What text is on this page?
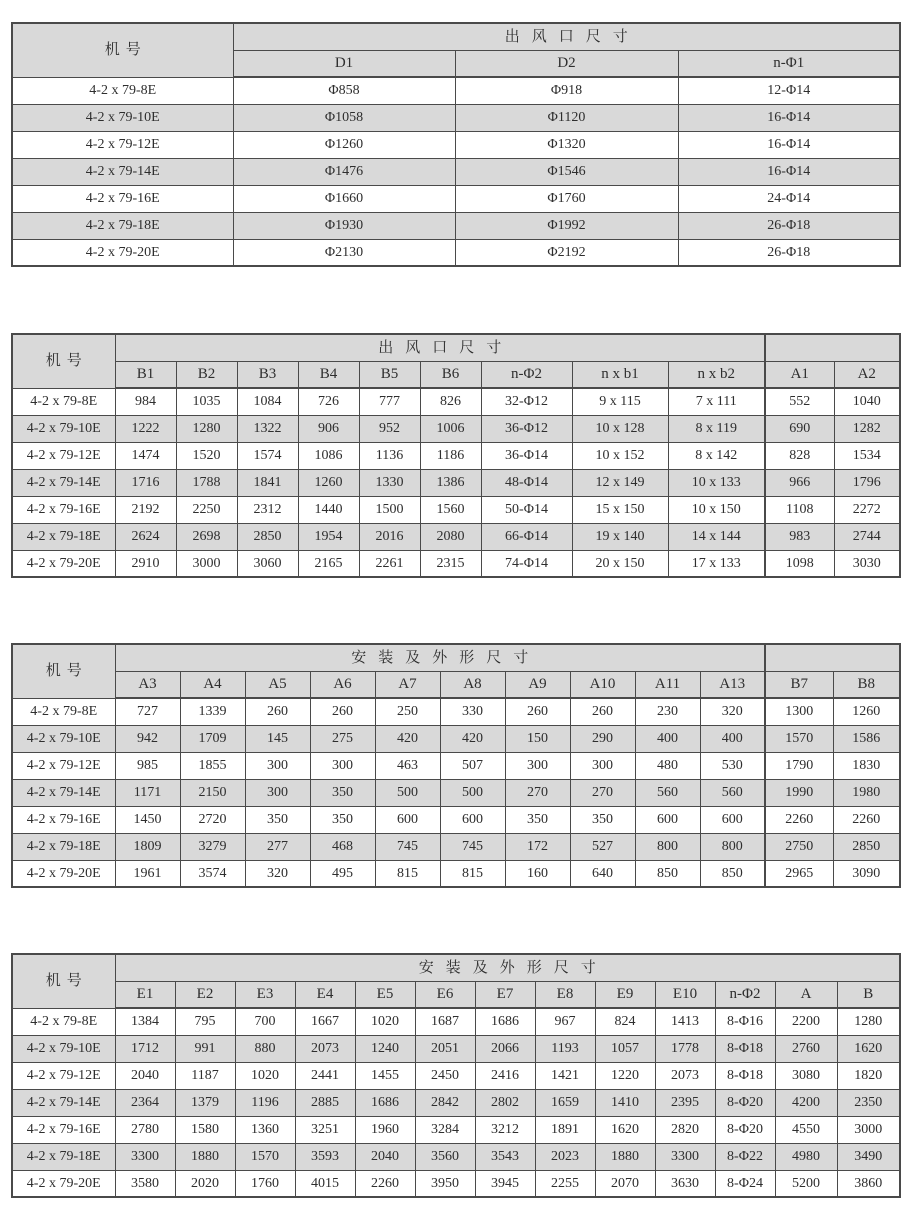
机号	出风口尺寸		
	D1	D2	n-Φ1
4-2 x 79-8E	Φ858	Φ918	12-Φ14
4-2 x 79-10E	Φ1058	Φ1120	16-Φ14
4-2 x 79-12E	Φ1260	Φ1320	16-Φ14
4-2 x 79-14E	Φ1476	Φ1546	16-Φ14
4-2 x 79-16E	Φ1660	Φ1760	24-Φ14
4-2 x 79-18E	Φ1930	Φ1992	26-Φ18
4-2 x 79-20E	Φ2130	Φ2192	26-Φ18
机号	出风口尺寸										
	B1	B2	B3	B4	B5	B6	n-Φ2	n x b1	n x b2	A1	A2
4-2 x 79-8E	984	1035	1084	726	777	826	32-Φ12	9 x 115	7 x 111	552	1040
4-2 x 79-10E	1222	1280	1322	906	952	1006	36-Φ12	10 x 128	8 x 119	690	1282
4-2 x 79-12E	1474	1520	1574	1086	1136	1186	36-Φ14	10 x 152	8 x 142	828	1534
4-2 x 79-14E	1716	1788	1841	1260	1330	1386	48-Φ14	12 x 149	10 x 133	966	1796
4-2 x 79-16E	2192	2250	2312	1440	1500	1560	50-Φ14	15 x 150	10 x 150	1108	2272
4-2 x 79-18E	2624	2698	2850	1954	2016	2080	66-Φ14	19 x 140	14 x 144	983	2744
4-2 x 79-20E	2910	3000	3060	2165	2261	2315	74-Φ14	20 x 150	17 x 133	1098	3030
机号	安装及外形尺寸											
	A3	A4	A5	A6	A7	A8	A9	A10	A11	A13	B7	B8
4-2 x 79-8E	727	1339	260	260	250	330	260	260	230	320	1300	1260
4-2 x 79-10E	942	1709	145	275	420	420	150	290	400	400	1570	1586
4-2 x 79-12E	985	1855	300	300	463	507	300	300	480	530	1790	1830
4-2 x 79-14E	1171	2150	300	350	500	500	270	270	560	560	1990	1980
4-2 x 79-16E	1450	2720	350	350	600	600	350	350	600	600	2260	2260
4-2 x 79-18E	1809	3279	277	468	745	745	172	527	800	800	2750	2850
4-2 x 79-20E	1961	3574	320	495	815	815	160	640	850	850	2965	3090
机号	安装及外形尺寸												
	E1	E2	E3	E4	E5	E6	E7	E8	E9	E10	n-Φ2	A	B
4-2 x 79-8E	1384	795	700	1667	1020	1687	1686	967	824	1413	8-Φ16	2200	1280
4-2 x 79-10E	1712	991	880	2073	1240	2051	2066	1193	1057	1778	8-Φ18	2760	1620
4-2 x 79-12E	2040	1187	1020	2441	1455	2450	2416	1421	1220	2073	8-Φ18	3080	1820
4-2 x 79-14E	2364	1379	1196	2885	1686	2842	2802	1659	1410	2395	8-Φ20	4200	2350
4-2 x 79-16E	2780	1580	1360	3251	1960	3284	3212	1891	1620	2820	8-Φ20	4550	3000
4-2 x 79-18E	3300	1880	1570	3593	2040	3560	3543	2023	1880	3300	8-Φ22	4980	3490
4-2 x 79-20E	3580	2020	1760	4015	2260	3950	3945	2255	2070	3630	8-Φ24	5200	3860
